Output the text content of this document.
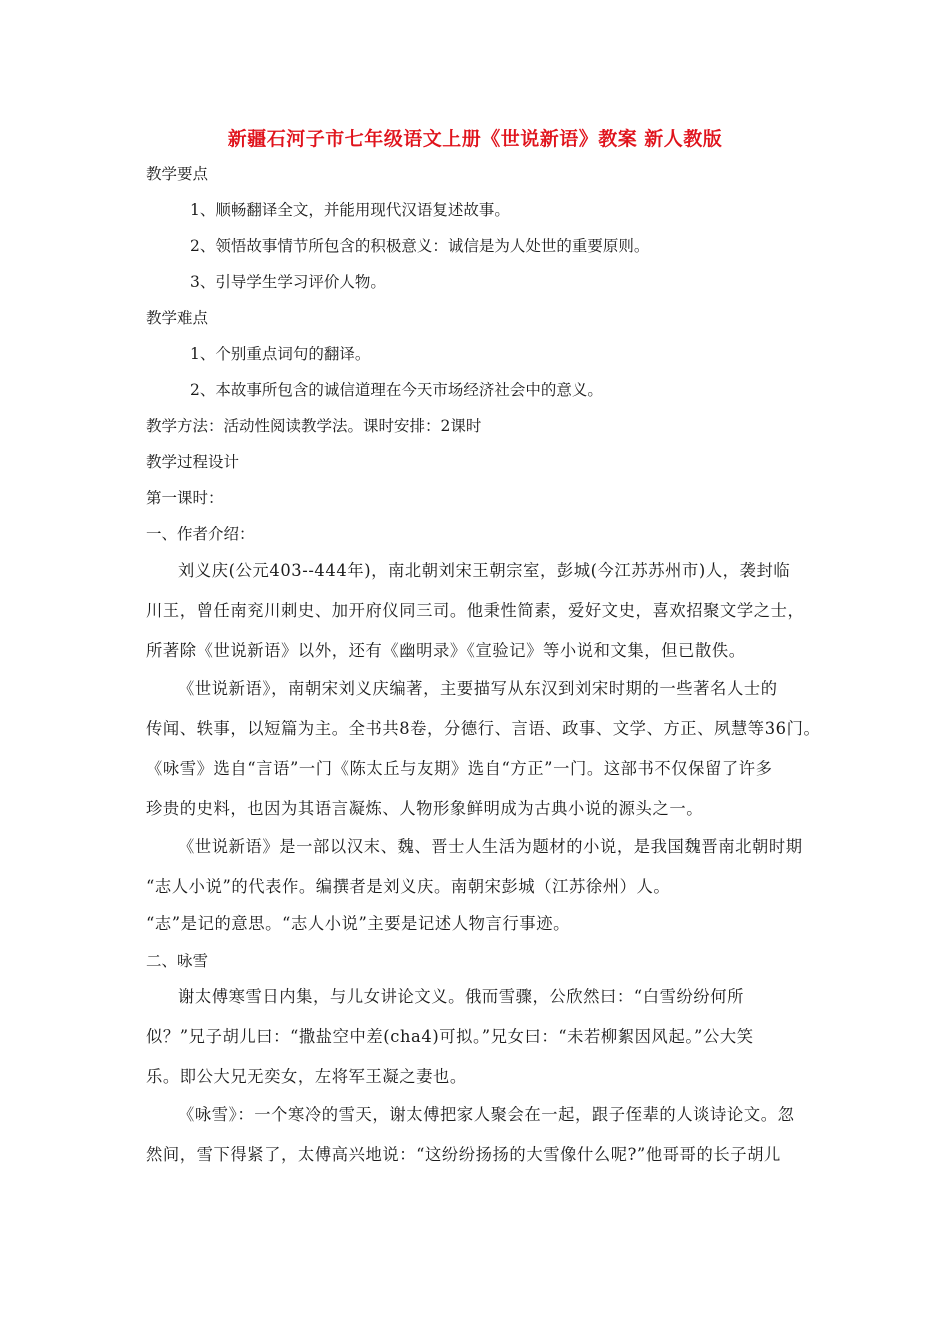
新疆石河子市七年级语文上册《世说新语》教案 新人教版
教学要点
1、顺畅翻译全文，并能用现代汉语复述故事。
2、领悟故事情节所包含的积极意义：诚信是为人处世的重要原则。
3、引导学生学习评价人物。
教学难点
1、个别重点词句的翻译。
2、本故事所包含的诚信道理在今天市场经济社会中的意义。
教学方法：活动性阅读教学法。课时安排：2课时
教学过程设计
第一课时：
一、作者介绍：
刘义庆(公元403--444年)，南北朝刘宋王朝宗室，彭城(今江苏苏州市)人，袭封临
川王，曾任南兖川刺史、加开府仪同三司。他秉性简素，爱好文史，喜欢招聚文学之士，
所著除《世说新语》以外，还有《幽明录》《宣验记》等小说和文集，但已散佚。
《世说新语》，南朝宋刘义庆编著，主要描写从东汉到刘宋时期的一些著名人士的
传闻、轶事，以短篇为主。全书共8卷，分德行、言语、政事、文学、方正、夙慧等36门。
《咏雪》选自“言语”一门《陈太丘与友期》选自“方正”一门。这部书不仅保留了许多
珍贵的史料，也因为其语言凝炼、人物形象鲜明成为古典小说的源头之一。
《世说新语》是一部以汉末、魏、晋士人生活为题材的小说，是我国魏晋南北朝时期
“志人小说”的代表作。编撰者是刘义庆。南朝宋彭城（江苏徐州）人。
“志”是记的意思。“志人小说”主要是记述人物言行事迹。
二、咏雪
谢太傅寒雪日内集，与儿女讲论文义。俄而雪骤，公欣然曰：“白雪纷纷何所
似？”兄子胡儿曰：“撒盐空中差(cha4)可拟。”兄女曰：“未若柳絮因风起。”公大笑
乐。即公大兄无奕女，左将军王凝之妻也。
《咏雪》：一个寒冷的雪天，谢太傅把家人聚会在一起，跟子侄辈的人谈诗论文。忽
然间，雪下得紧了，太傅高兴地说：“这纷纷扬扬的大雪像什么呢?”他哥哥的长子胡儿
